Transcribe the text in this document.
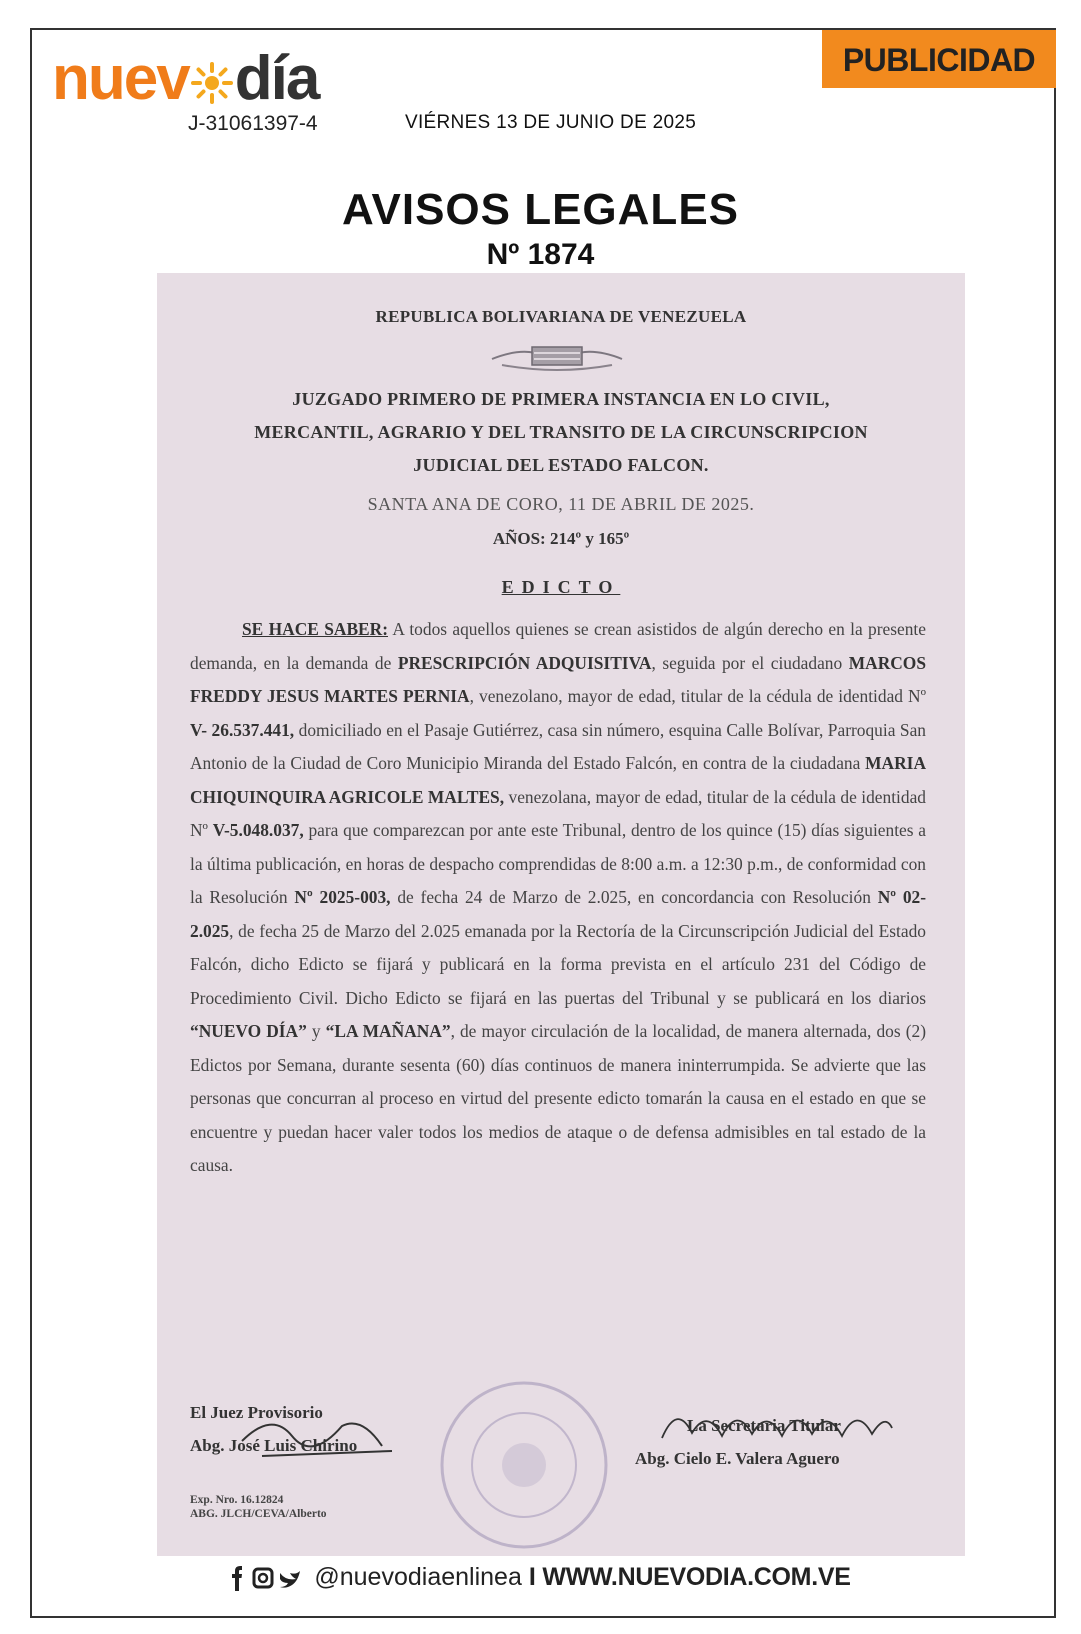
nuev día
J-31061397-4	VIÉRNES 13 DE JUNIO DE 2025
PUBLICIDAD
AVISOS LEGALES
Nº 1874
REPUBLICA BOLIVARIANA DE VENEZUELA
JUZGADO PRIMERO DE PRIMERA INSTANCIA EN LO CIVIL,
MERCANTIL, AGRARIO Y DEL TRANSITO DE LA CIRCUNSCRIPCION
JUDICIAL DEL ESTADO FALCON.
SANTA ANA DE CORO, 11 DE ABRIL DE 2025.
AÑOS: 214º y 165º
EDICTO
SE HACE SABER: A todos aquellos quienes se crean asistidos de algún derecho en la presente demanda, en la demanda de PRESCRIPCIÓN ADQUISITIVA, seguida por el ciudadano MARCOS FREDDY JESUS MARTES PERNIA, venezolano, mayor de edad, titular de la cédula de identidad Nº V- 26.537.441, domiciliado en el Pasaje Gutiérrez, casa sin número, esquina Calle Bolívar, Parroquia San Antonio de la Ciudad de Coro Municipio Miranda del Estado Falcón, en contra de la ciudadana MARIA CHIQUINQUIRA AGRICOLE MALTES, venezolana, mayor de edad, titular de la cédula de identidad Nº V-5.048.037, para que comparezcan por ante este Tribunal, dentro de los quince (15) días siguientes a la última publicación, en horas de despacho comprendidas de 8:00 a.m. a 12:30 p.m., de conformidad con la Resolución Nº 2025-003, de fecha 24 de Marzo de 2.025, en concordancia con Resolución Nº 02-2.025, de fecha 25 de Marzo del 2.025 emanada por la Rectoría de la Circunscripción Judicial del Estado Falcón, dicho Edicto se fijará y publicará en la forma prevista en el artículo 231 del Código de Procedimiento Civil. Dicho Edicto se fijará en las puertas del Tribunal y se publicará en los diarios “NUEVO DÍA” y “LA MAÑANA”, de mayor circulación de la localidad, de manera alternada, dos (2) Edictos por Semana, durante sesenta (60) días continuos de manera ininterrumpida. Se advierte que las personas que concurran al proceso en virtud del presente edicto tomarán la causa en el estado en que se encuentre y puedan hacer valer todos los medios de ataque o de defensa admisibles en tal estado de la causa.
El Juez Provisorio
Abg. José Luis Chirino
La Secretaria Titular
Abg. Cielo E. Valera Aguero
Exp. Nro. 16.12824
ABG. JLCH/CEVA/Alberto
@nuevodiaenlinea I WWW.NUEVODIA.COM.VE
